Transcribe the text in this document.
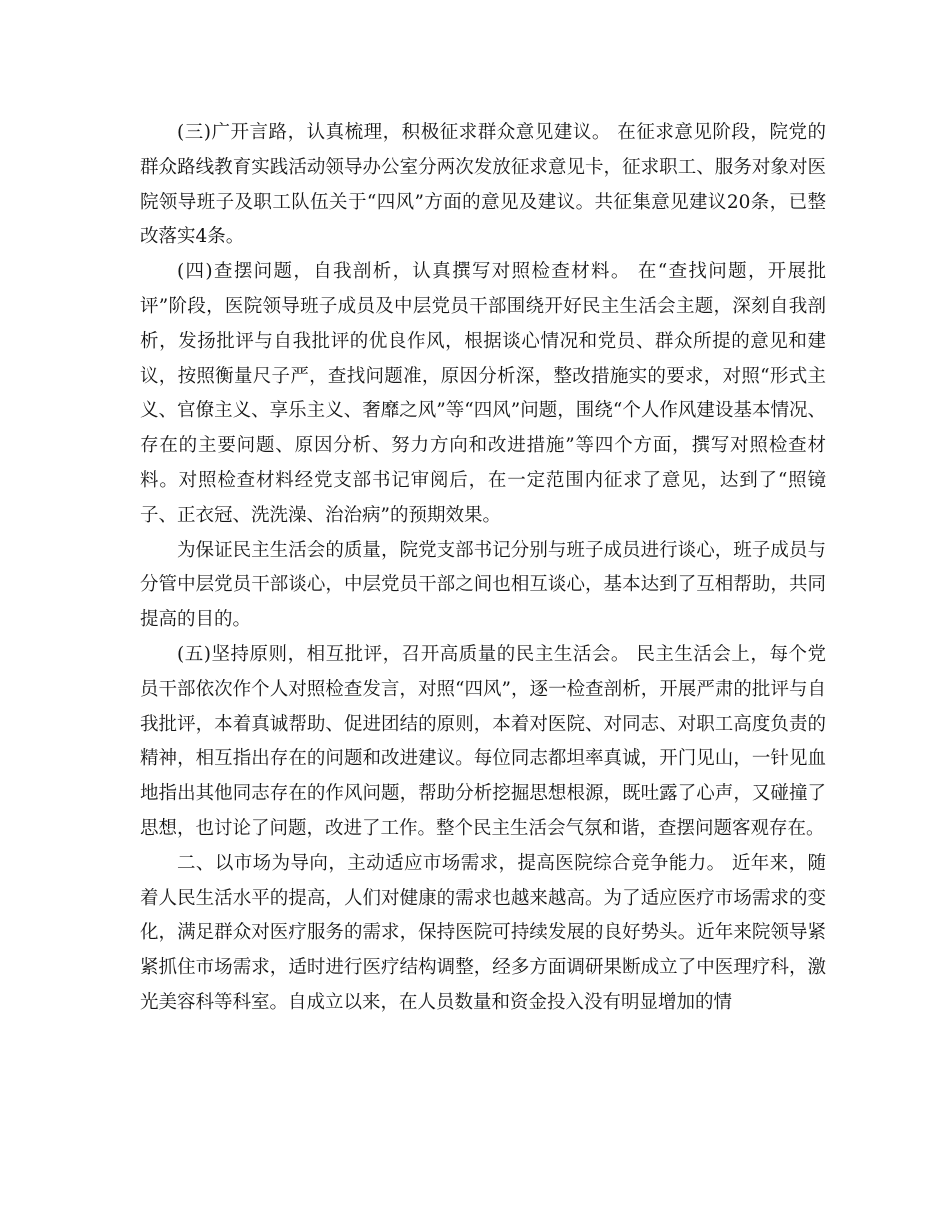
(三)广开言路，认真梳理，积极征求群众意见建议。 在征求意见阶段，院党的群众路线教育实践活动领导办公室分两次发放征求意见卡，征求职工、服务对象对医院领导班子及职工队伍关于“四风”方面的意见及建议。共征集意见建议20条，已整改落实4条。

(四)查摆问题，自我剖析，认真撰写对照检查材料。 在“查找问题，开展批评”阶段，医院领导班子成员及中层党员干部围绕开好民主生活会主题，深刻自我剖析，发扬批评与自我批评的优良作风，根据谈心情况和党员、群众所提的意见和建议，按照衡量尺子严，查找问题准，原因分析深，整改措施实的要求，对照“形式主义、官僚主义、享乐主义、奢靡之风”等“四风”问题，围绕“个人作风建设基本情况、存在的主要问题、原因分析、努力方向和改进措施”等四个方面，撰写对照检查材料。对照检查材料经党支部书记审阅后，在一定范围内征求了意见，达到了“照镜子、正衣冠、洗洗澡、治治病”的预期效果。

为保证民主生活会的质量，院党支部书记分别与班子成员进行谈心，班子成员与分管中层党员干部谈心，中层党员干部之间也相互谈心，基本达到了互相帮助，共同提高的目的。

(五)坚持原则，相互批评，召开高质量的民主生活会。 民主生活会上，每个党员干部依次作个人对照检查发言，对照“四风”，逐一检查剖析，开展严肃的批评与自我批评，本着真诚帮助、促进团结的原则，本着对医院、对同志、对职工高度负责的精神，相互指出存在的问题和改进建议。每位同志都坦率真诚，开门见山，一针见血地指出其他同志存在的作风问题，帮助分析挖掘思想根源，既吐露了心声，又碰撞了思想，也讨论了问题，改进了工作。整个民主生活会气氛和谐，查摆问题客观存在。

二、以市场为导向，主动适应市场需求，提高医院综合竞争能力。 近年来，随着人民生活水平的提高，人们对健康的需求也越来越高。为了适应医疗市场需求的变化，满足群众对医疗服务的需求，保持医院可持续发展的良好势头。近年来院领导紧紧抓住市场需求，适时进行医疗结构调整，经多方面调研果断成立了中医理疗科，激光美容科等科室。自成立以来，在人员数量和资金投入没有明显增加的情
